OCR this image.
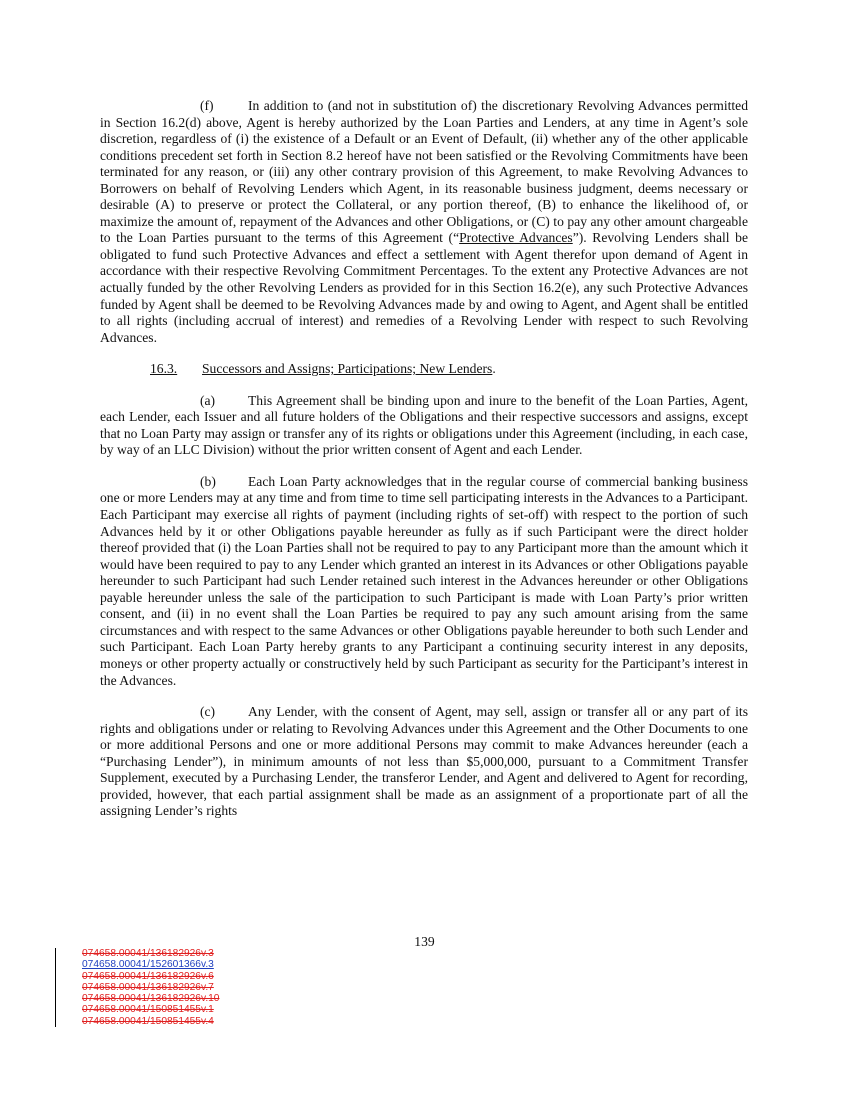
(f)	In addition to (and not in substitution of) the discretionary Revolving Advances permitted in Section 16.2(d) above, Agent is hereby authorized by the Loan Parties and Lenders, at any time in Agent’s sole discretion, regardless of (i) the existence of a Default or an Event of Default, (ii) whether any of the other applicable conditions precedent set forth in Section 8.2 hereof have not been satisfied or the Revolving Commitments have been terminated for any reason, or (iii) any other contrary provision of this Agreement, to make Revolving Advances to Borrowers on behalf of Revolving Lenders which Agent, in its reasonable business judgment, deems necessary or desirable (A) to preserve or protect the Collateral, or any portion thereof, (B) to enhance the likelihood of, or maximize the amount of, repayment of the Advances and other Obligations, or (C) to pay any other amount chargeable to the Loan Parties pursuant to the terms of this Agreement (“Protective Advances”). Revolving Lenders shall be obligated to fund such Protective Advances and effect a settlement with Agent therefor upon demand of Agent in accordance with their respective Revolving Commitment Percentages. To the extent any Protective Advances are not actually funded by the other Revolving Lenders as provided for in this Section 16.2(e), any such Protective Advances funded by Agent shall be deemed to be Revolving Advances made by and owing to Agent, and Agent shall be entitled to all rights (including accrual of interest) and remedies of a Revolving Lender with respect to such Revolving Advances.

16.3. Successors and Assigns; Participations; New Lenders.

(a) This Agreement shall be binding upon and inure to the benefit of the Loan Parties, Agent, each Lender, each Issuer and all future holders of the Obligations and their respective successors and assigns, except that no Loan Party may assign or transfer any of its rights or obligations under this Agreement (including, in each case, by way of an LLC Division) without the prior written consent of Agent and each Lender.

(b) Each Loan Party acknowledges that in the regular course of commercial banking business one or more Lenders may at any time and from time to time sell participating interests in the Advances to a Participant. Each Participant may exercise all rights of payment (including rights of set-off) with respect to the portion of such Advances held by it or other Obligations payable hereunder as fully as if such Participant were the direct holder thereof provided that (i) the Loan Parties shall not be required to pay to any Participant more than the amount which it would have been required to pay to any Lender which granted an interest in its Advances or other Obligations payable hereunder to such Participant had such Lender retained such interest in the Advances hereunder or other Obligations payable hereunder unless the sale of the participation to such Participant is made with Loan Party’s prior written consent, and (ii) in no event shall the Loan Parties be required to pay any such amount arising from the same circumstances and with respect to the same Advances or other Obligations payable hereunder to both such Lender and such Participant. Each Loan Party hereby grants to any Participant a continuing security interest in any deposits, moneys or other property actually or constructively held by such Participant as security for the Participant’s interest in the Advances.

(c) Any Lender, with the consent of Agent, may sell, assign or transfer all or any part of its rights and obligations under or relating to Revolving Advances under this Agreement and the Other Documents to one or more additional Persons and one or more additional Persons may commit to make Advances hereunder (each a “Purchasing Lender”), in minimum amounts of not less than $5,000,000, pursuant to a Commitment Transfer Supplement, executed by a Purchasing Lender, the transferor Lender, and Agent and delivered to Agent for recording, provided, however, that each partial assignment shall be made as an assignment of a proportionate part of all the assigning Lender’s rights

139
074658.00041/136182926v.3
074658.00041/152601366v.3
074658.00041/136182926v.6
074658.00041/136182926v.7
074658.00041/136182926v.10
074658.00041/150851455v.1
074658.00041/150851455v.4
